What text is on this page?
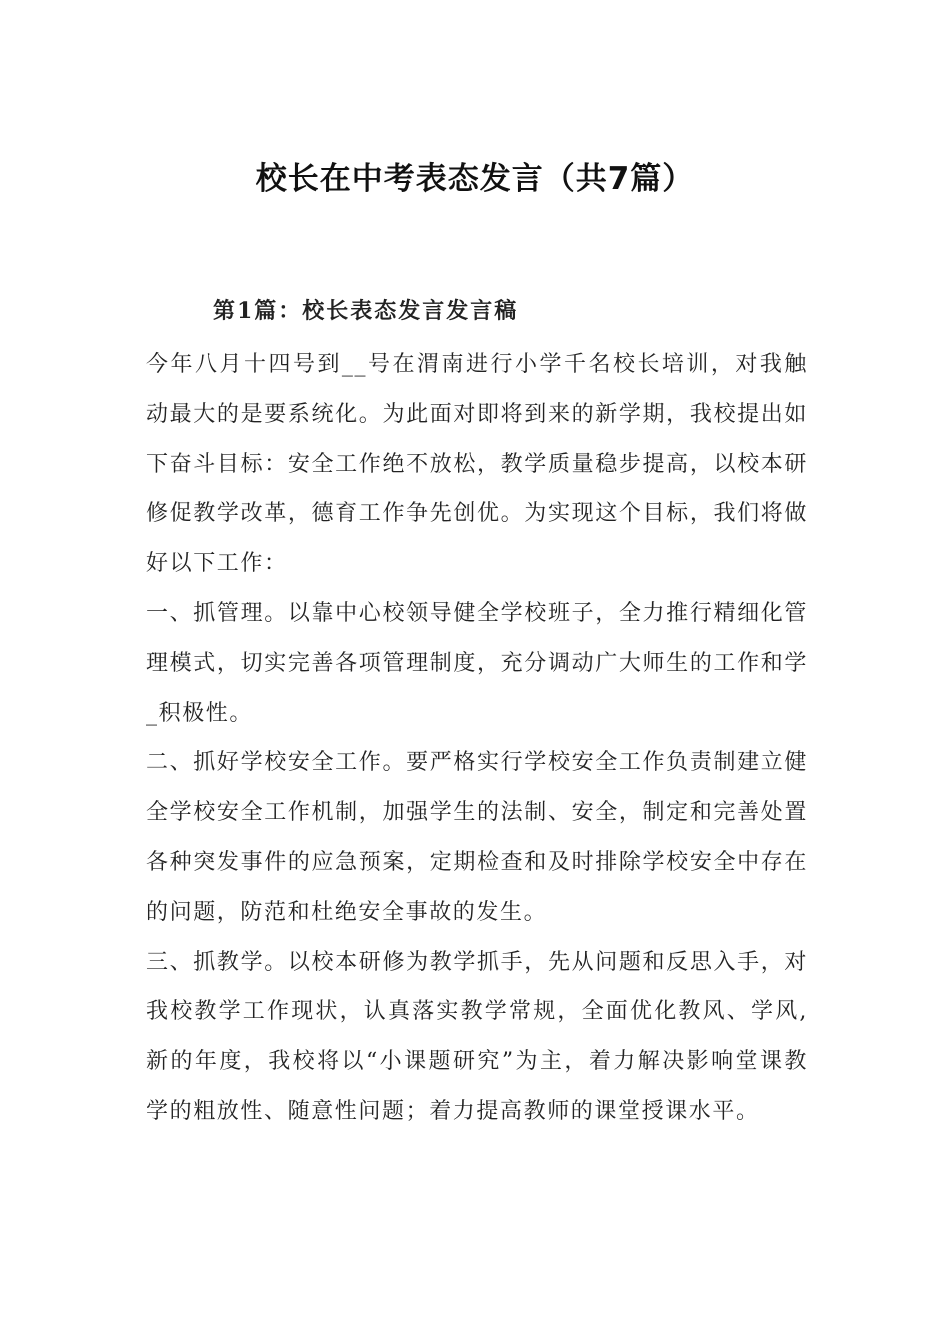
校长在中考表态发言（共7篇）
第1篇：校长表态发言发言稿

今年八月十四号到__号在渭南进行小学千名校长培训，对我触动最大的是要系统化。为此面对即将到来的新学期，我校提出如下奋斗目标：安全工作绝不放松，教学质量稳步提高，以校本研修促教学改革，德育工作争先创优。为实现这个目标，我们将做好以下工作：

一、抓管理。以靠中心校领导健全学校班子，全力推行精细化管理模式，切实完善各项管理制度，充分调动广大师生的工作和学_积极性。

二、抓好学校安全工作。要严格实行学校安全工作负责制建立健全学校安全工作机制，加强学生的法制、安全，制定和完善处置各种突发事件的应急预案，定期检查和及时排除学校安全中存在的问题，防范和杜绝安全事故的发生。

三、抓教学。以校本研修为教学抓手，先从问题和反思入手，对我校教学工作现状，认真落实教学常规，全面优化教风、学风,新的年度，我校将以“小课题研究”为主，着力解决影响堂课教学的粗放性、随意性问题；着力提高教师的课堂授课水平。
